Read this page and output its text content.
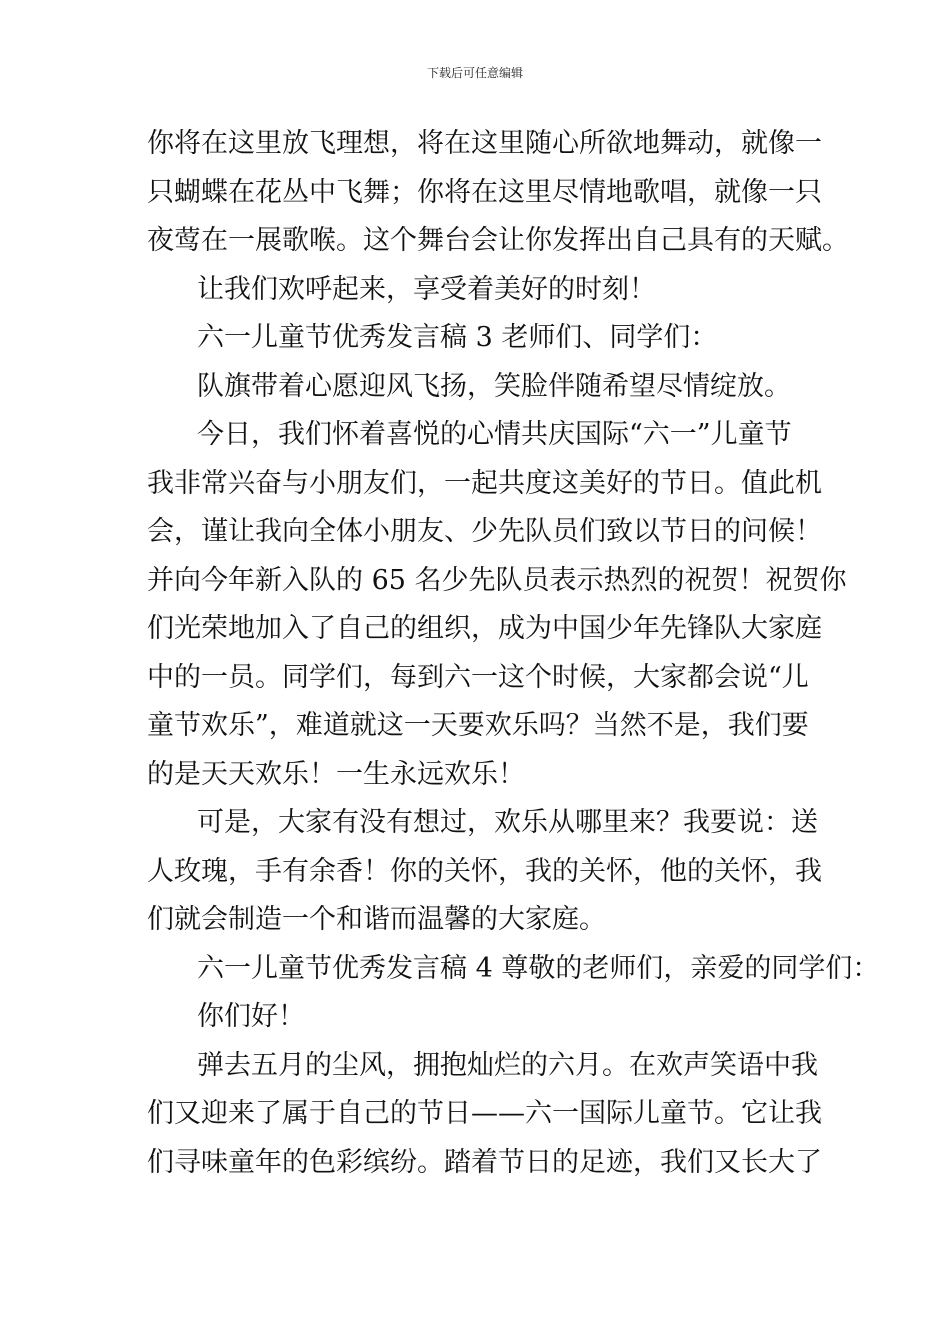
下载后可任意编辑
你将在这里放飞理想，将在这里随心所欲地舞动，就像一
只蝴蝶在花丛中飞舞；你将在这里尽情地歌唱，就像一只
夜莺在一展歌喉。这个舞台会让你发挥出自己具有的天赋。
让我们欢呼起来，享受着美好的时刻！
六一儿童节优秀发言稿 3 老师们、同学们：
队旗带着心愿迎风飞扬，笑脸伴随希望尽情绽放。
今日，我们怀着喜悦的心情共庆国际“六一”儿童节
我非常兴奋与小朋友们，一起共度这美好的节日。值此机
会，谨让我向全体小朋友、少先队员们致以节日的问候！
并向今年新入队的 65 名少先队员表示热烈的祝贺！祝贺你
们光荣地加入了自己的组织，成为中国少年先锋队大家庭
中的一员。同学们，每到六一这个时候，大家都会说“儿
童节欢乐”，难道就这一天要欢乐吗？当然不是，我们要
的是天天欢乐！一生永远欢乐！
可是，大家有没有想过，欢乐从哪里来？我要说：送
人玫瑰，手有余香！你的关怀，我的关怀，他的关怀，我
们就会制造一个和谐而温馨的大家庭。
六一儿童节优秀发言稿 4 尊敬的老师们，亲爱的同学们：
你们好！
弹去五月的尘风，拥抱灿烂的六月。在欢声笑语中我
们又迎来了属于自己的节日——六一国际儿童节。它让我
们寻味童年的色彩缤纷。踏着节日的足迹，我们又长大了
